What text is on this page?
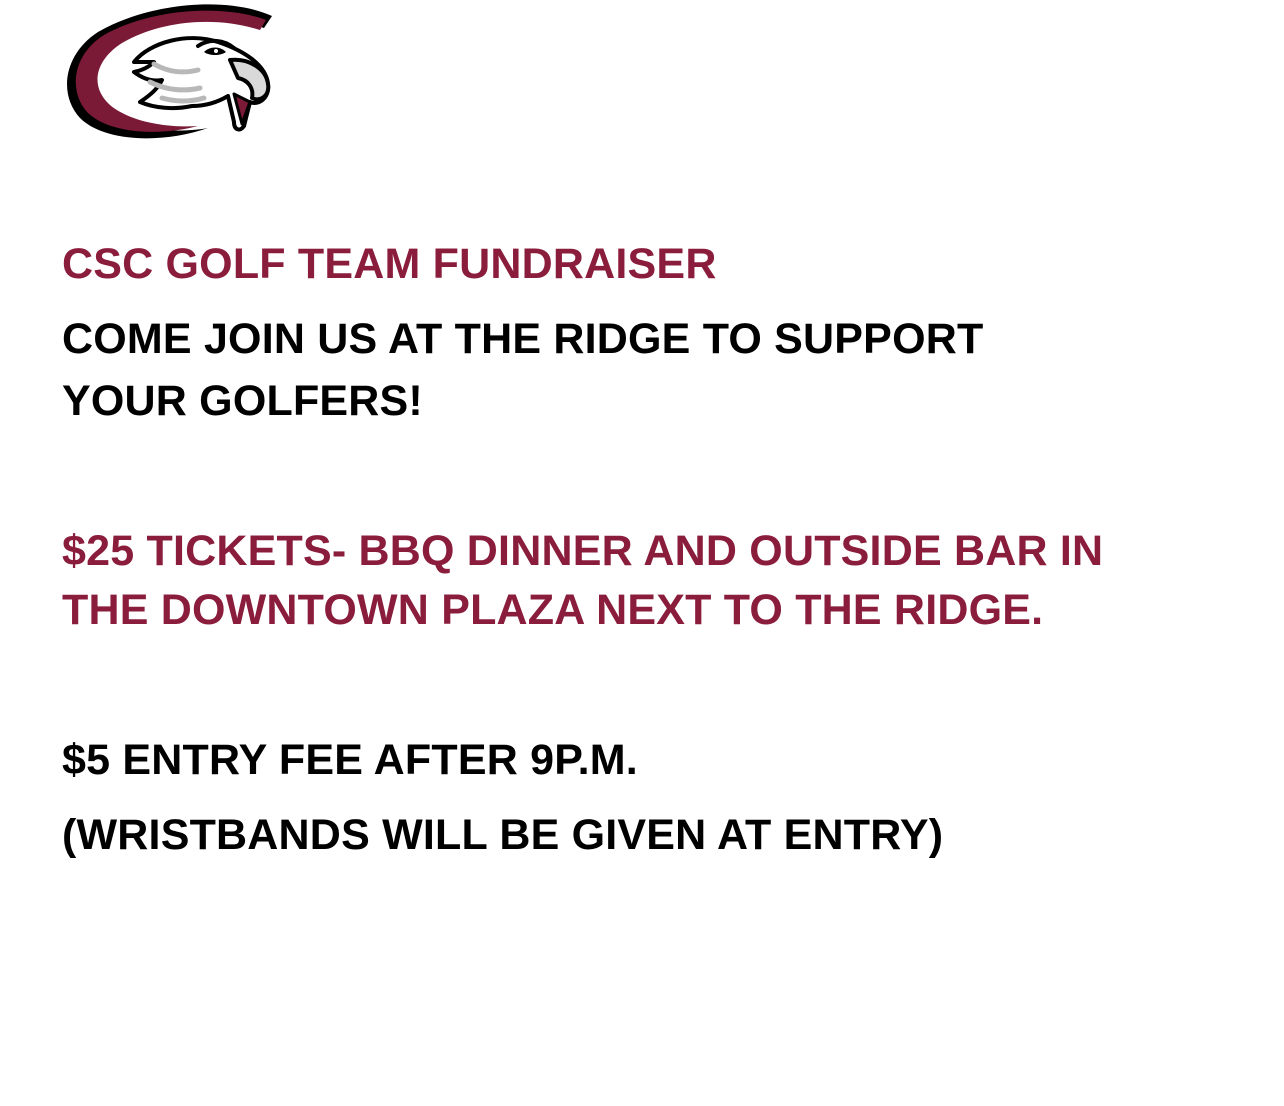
CSC GOLF TEAM FUNDRAISER

COME JOIN US AT THE RIDGE TO SUPPORT

YOUR GOLFERS!

$25 TICKETS- BBQ DINNER AND OUTSIDE BAR IN

THE DOWNTOWN PLAZA NEXT TO THE RIDGE.

$5 ENTRY FEE AFTER 9P.M.

(WRISTBANDS WILL BE GIVEN AT ENTRY)
